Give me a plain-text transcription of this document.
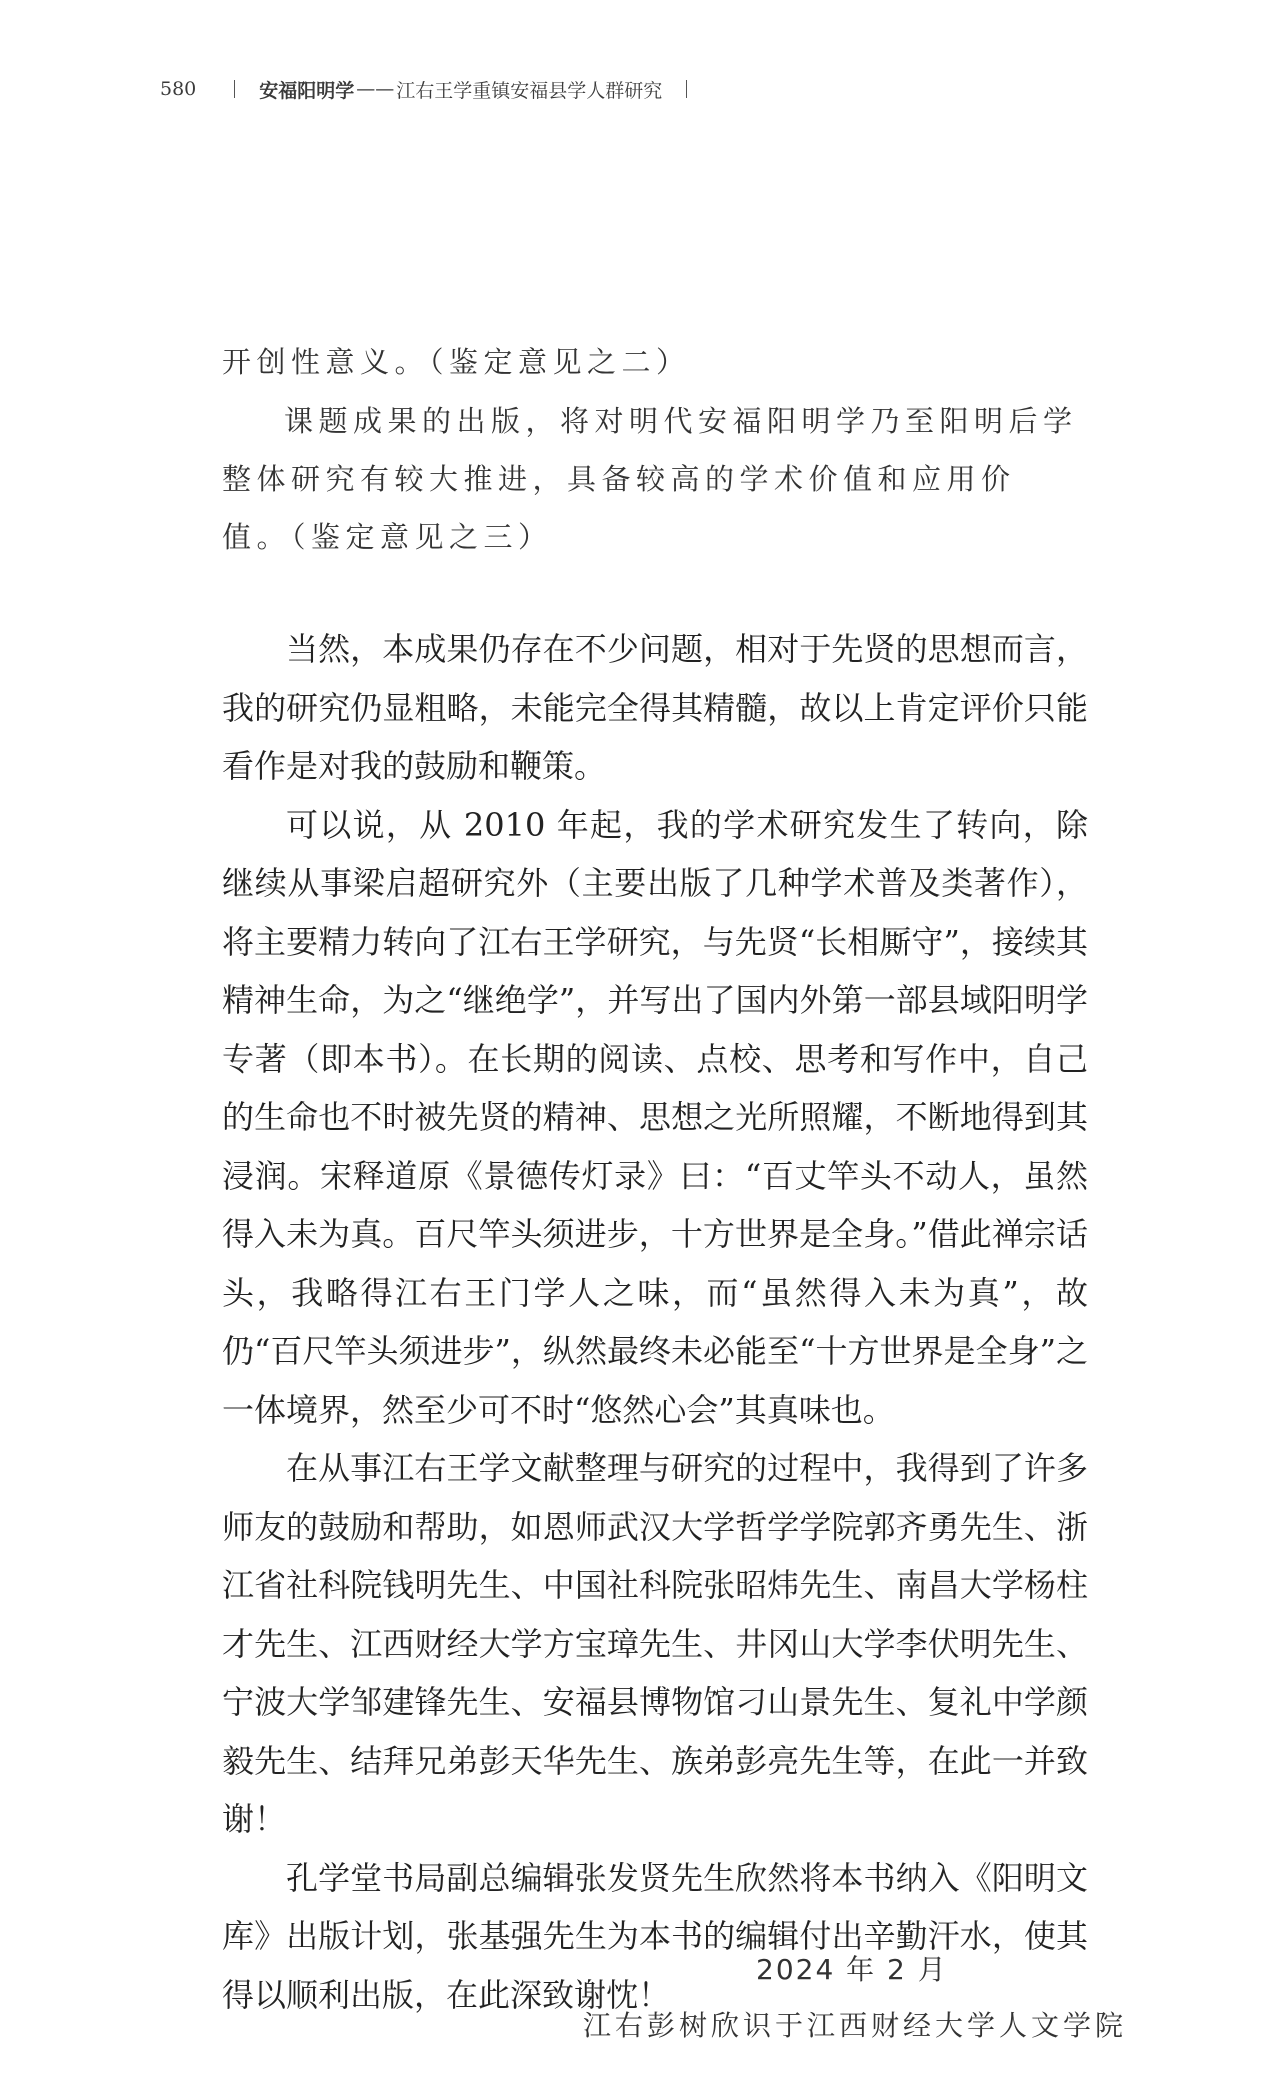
580	安福阳明学 —— 江右王学重镇安福县学人群研究
开创性意义。（鉴定意见之二）
课题成果的出版，将对明代安福阳明学乃至阳明后学整体研究有较大推进，具备较高的学术价值和应用价值。（鉴定意见之三）

当然，本成果仍存在不少问题，相对于先贤的思想而言，我的研究仍显粗略，未能完全得其精髓，故以上肯定评价只能看作是对我的鼓励和鞭策。

可以说，从 2010 年起，我的学术研究发生了转向，除继续从事梁启超研究外（主要出版了几种学术普及类著作），将主要精力转向了江右王学研究，与先贤“长相厮守”，接续其精神生命，为之“继绝学”，并写出了国内外第一部县域阳明学专著（即本书）。在长期的阅读、点校、思考和写作中，自己的生命也不时被先贤的精神、思想之光所照耀，不断地得到其浸润。宋释道原《景德传灯录》曰：“百丈竿头不动人，虽然得入未为真。百尺竿头须进步，十方世界是全身。”借此禅宗话头，我略得江右王门学人之味，而“虽然得入未为真”，故仍“百尺竿头须进步”，纵然最终未必能至“十方世界是全身”之一体境界，然至少可不时“悠然心会”其真味也。

在从事江右王学文献整理与研究的过程中，我得到了许多师友的鼓励和帮助，如恩师武汉大学哲学学院郭齐勇先生、浙江省社科院钱明先生、中国社科院张昭炜先生、南昌大学杨柱才先生、江西财经大学方宝璋先生、井冈山大学李伏明先生、宁波大学邹建锋先生、安福县博物馆刁山景先生、复礼中学颜毅先生、结拜兄弟彭天华先生、族弟彭亮先生等，在此一并致谢！

孔学堂书局副总编辑张发贤先生欣然将本书纳入《阳明文库》出版计划，张基强先生为本书的编辑付出辛勤汗水，使其得以顺利出版，在此深致谢忱！

2024 年 2 月
江右彭树欣识于江西财经大学人文学院
